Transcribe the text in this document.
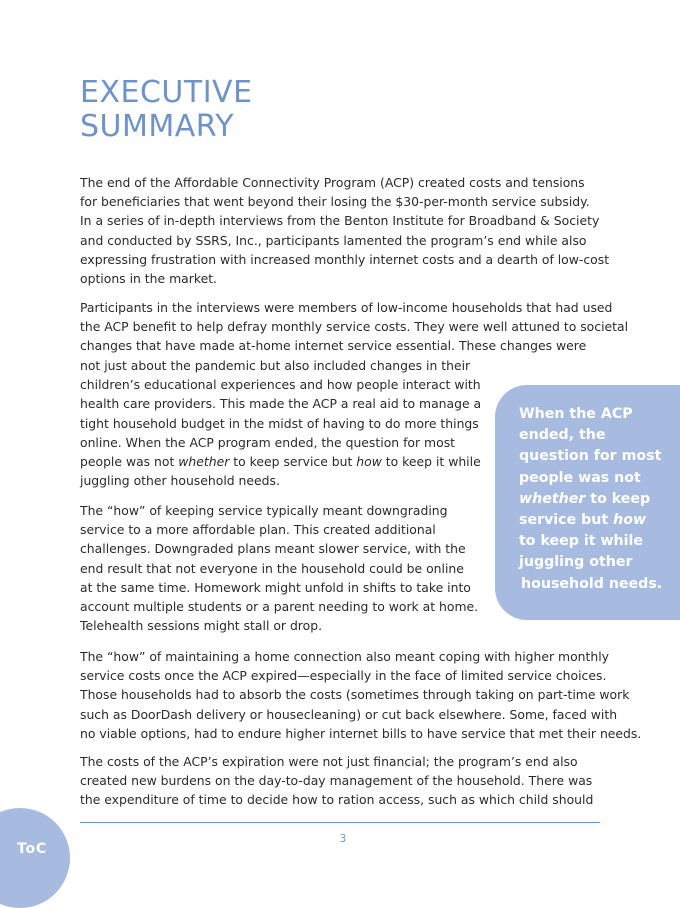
EXECUTIVE
SUMMARY

The end of the Affordable Connectivity Program (ACP) created costs and tensions
for beneficiaries that went beyond their losing the $30-per-month service subsidy.
In a series of in-depth interviews from the Benton Institute for Broadband & Society
and conducted by SSRS, Inc., participants lamented the program’s end while also
expressing frustration with increased monthly internet costs and a dearth of low-cost
options in the market.

Participants in the interviews were members of low-income households that had used
the ACP benefit to help defray monthly service costs. They were well attuned to societal
changes that have made at-home internet service essential. These changes were

not just about the pandemic but also included changes in their
children’s educational experiences and how people interact with
health care providers. This made the ACP a real aid to manage a
tight household budget in the midst of having to do more things
online. When the ACP program ended, the question for most
people was not whether to keep service but how to keep it while
juggling other household needs.

The “how” of keeping service typically meant downgrading
service to a more affordable plan. This created additional
challenges. Downgraded plans meant slower service, with the
end result that not everyone in the household could be online
at the same time. Homework might unfold in shifts to take into
account multiple students or a parent needing to work at home.
Telehealth sessions might stall or drop.

The “how” of maintaining a home connection also meant coping with higher monthly
service costs once the ACP expired—especially in the face of limited service choices.
Those households had to absorb the costs (sometimes through taking on part-time work
such as DoorDash delivery or housecleaning) or cut back elsewhere. Some, faced with
no viable options, had to endure higher internet bills to have service that met their needs.

The costs of the ACP’s expiration were not just financial; the program’s end also
created new burdens on the day-to-day management of the household. There was
the expenditure of time to decide how to ration access, such as which child should

When the ACP
ended, the
question for most
people was not
whether to keep
service but how
to keep it while
juggling other
household needs.
3
ToC
